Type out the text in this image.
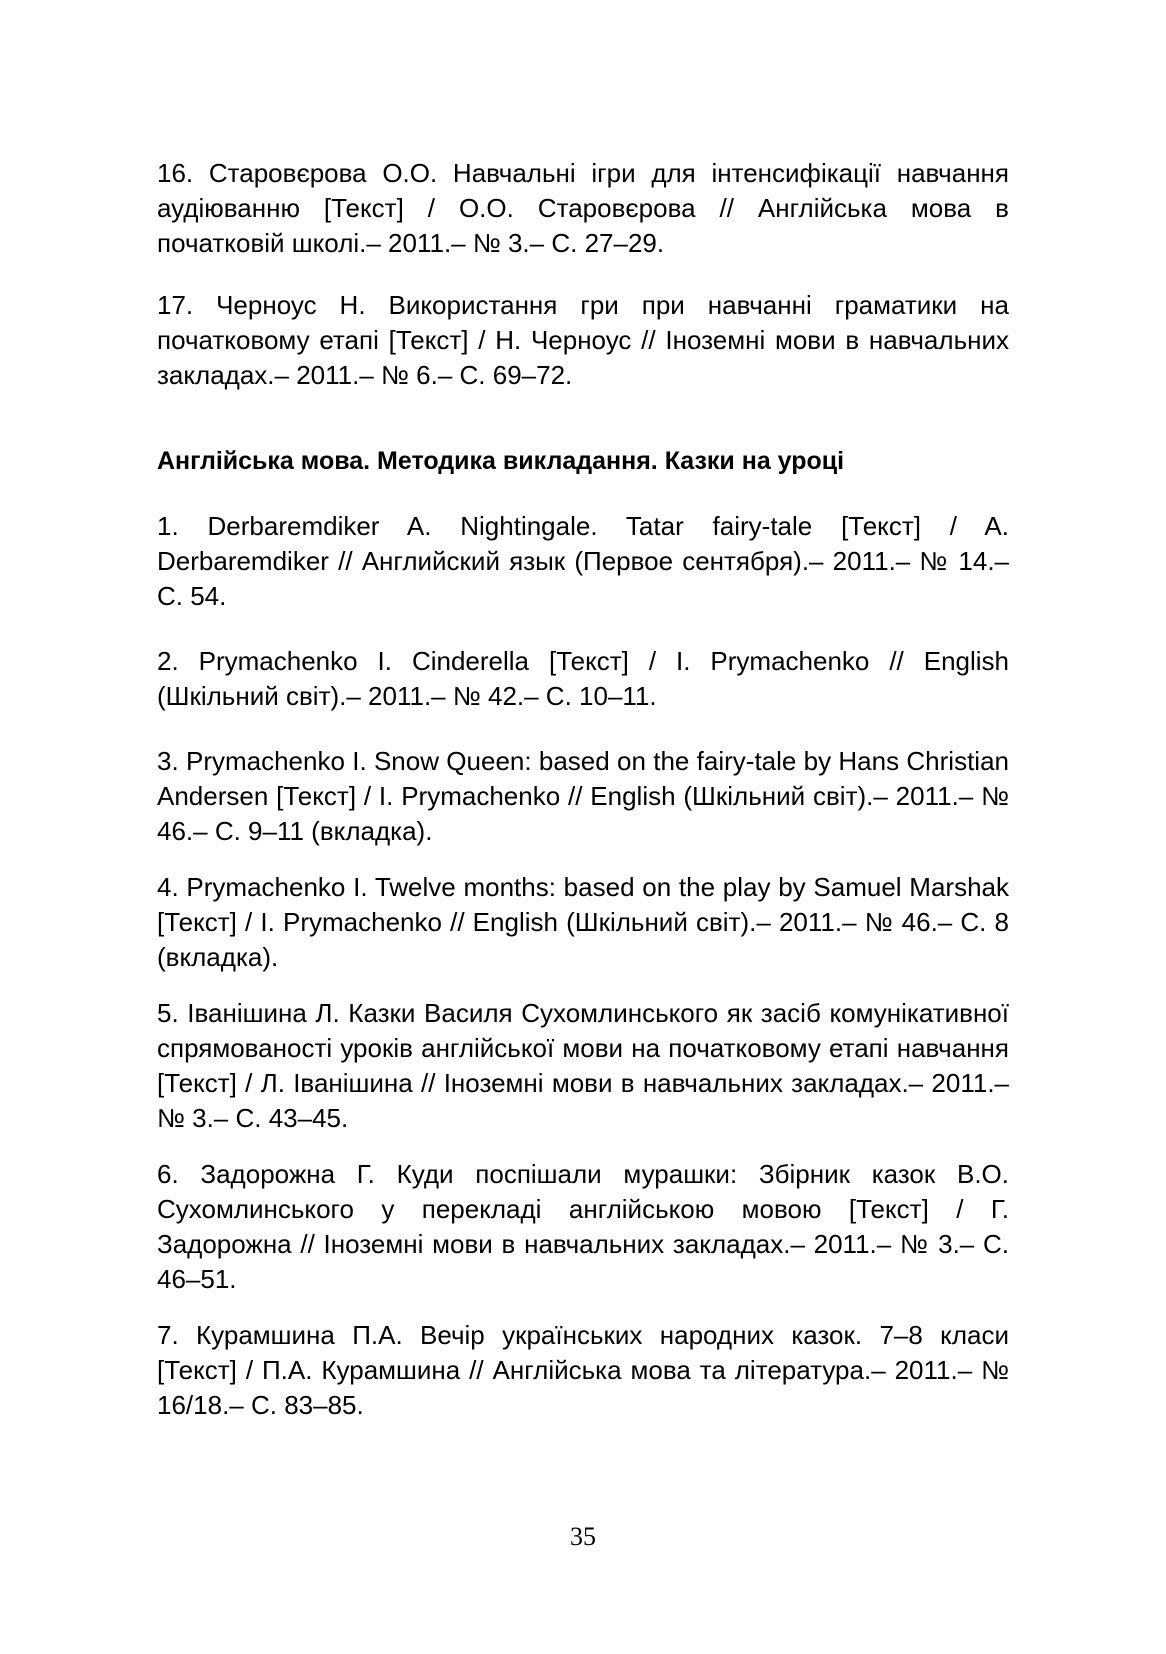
16. Старовєрова О.О. Навчальні ігри для інтенсифікації навчання аудіюванню [Текст] / О.О. Старовєрова // Англійська мова в початковій школі.– 2011.– № 3.– С. 27–29.

17. Черноус Н. Використання гри при навчанні граматики на початковому етапі [Текст] / Н. Черноус // Іноземні мови в навчальних закладах.– 2011.– № 6.– С. 69–72.

Англійська мова. Методика викладання. Казки на уроці

1. Derbaremdiker A. Nightingale. Tatar fairy-tale [Текст] / A. Derbaremdiker // Английский язык (Первое сентября).– 2011.– № 14.– С. 54.

2. Prymachenko I. Cinderella [Текст] / I. Prymachenko // English (Шкільний світ).– 2011.– № 42.– С. 10–11.

3. Prymachenko I. Snow Queen: based on the fairy-tale by Hans Christian Andersen [Текст] / I. Prymachenko // English (Шкільний світ).– 2011.– № 46.– С. 9–11 (вкладка).

4. Prymachenko I. Twelve months: based on the play by Samuel Marshak [Текст] / I. Prymachenko // English (Шкільний світ).– 2011.– № 46.– С. 8 (вкладка).

5. Іванішина Л. Казки Василя Сухомлинського як засіб комунікативної спрямованості уроків англійської мови на початковому етапі навчання [Текст] / Л. Іванішина // Іноземні мови в навчальних закладах.– 2011.– № 3.– С. 43–45.

6. Задорожна Г. Куди поспішали мурашки: Збірник казок В.О. Сухомлинського у перекладі англійською мовою [Текст] / Г. Задорожна // Іноземні мови в навчальних закладах.– 2011.– № 3.– С. 46–51.

7. Курамшина П.А. Вечір українських народних казок. 7–8 класи [Текст] / П.А. Курамшина // Англійська мова та література.– 2011.– № 16/18.– С. 83–85.

35
